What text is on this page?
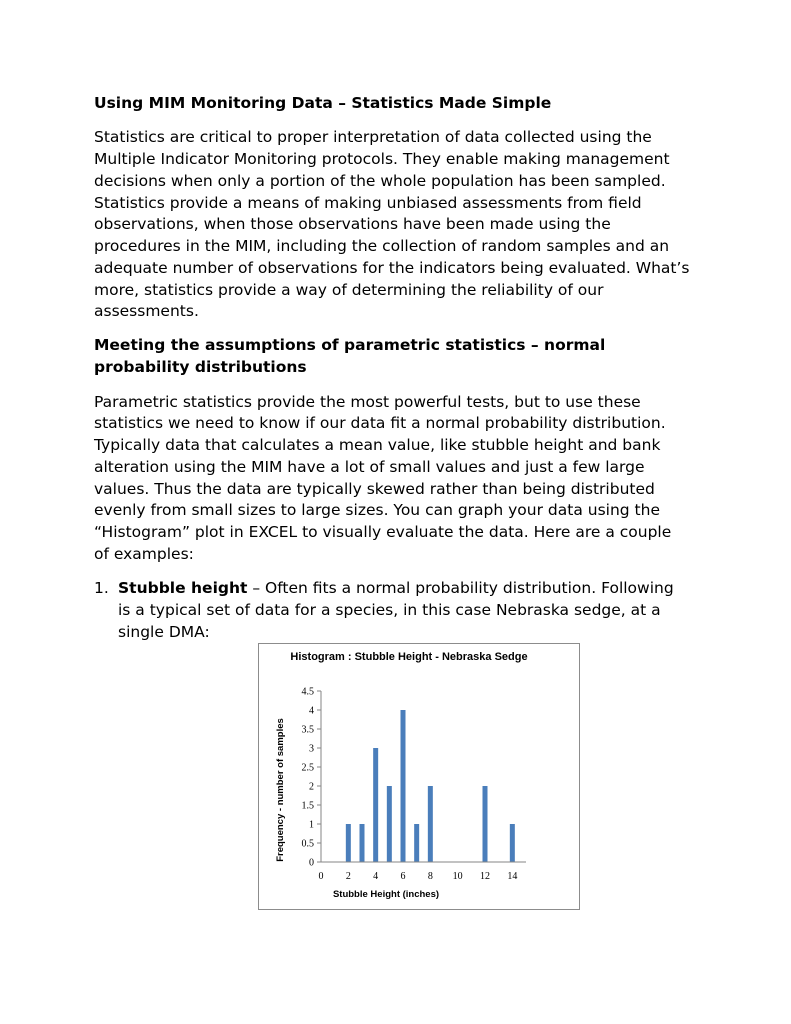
Using MIM Monitoring Data – Statistics Made Simple

Statistics are critical to proper interpretation of data collected using the

Multiple Indicator Monitoring protocols. They enable making management

decisions when only a portion of the whole population has been sampled.

Statistics provide a means of making unbiased assessments from field

observations, when those observations have been made using the

procedures in the MIM, including the collection of random samples and an

adequate number of observations for the indicators being evaluated. What’s

more, statistics provide a way of determining the reliability of our

assessments.

Meeting the assumptions of parametric statistics – normal

probability distributions

Parametric statistics provide the most powerful tests, but to use these

statistics we need to know if our data fit a normal probability distribution.

Typically data that calculates a mean value, like stubble height and bank

alteration using the MIM have a lot of small values and just a few large

values. Thus the data are typically skewed rather than being distributed

evenly from small sizes to large sizes. You can graph your data using the

“Histogram” plot in EXCEL to visually evaluate the data. Here are a couple

of examples:

1. Stubble height – Often fits a normal probability distribution. Following
is a typical set of data for a species, in this case Nebraska sedge, at a
single DMA:
Histogram : Stubble Height - Nebraska Sedge
0
0.5
1
1.5
2
2.5
3
3.5
4
4.5
0 2 4 6 8 10 12 14
Stubble Height (inches)
Frequency - number of samples
